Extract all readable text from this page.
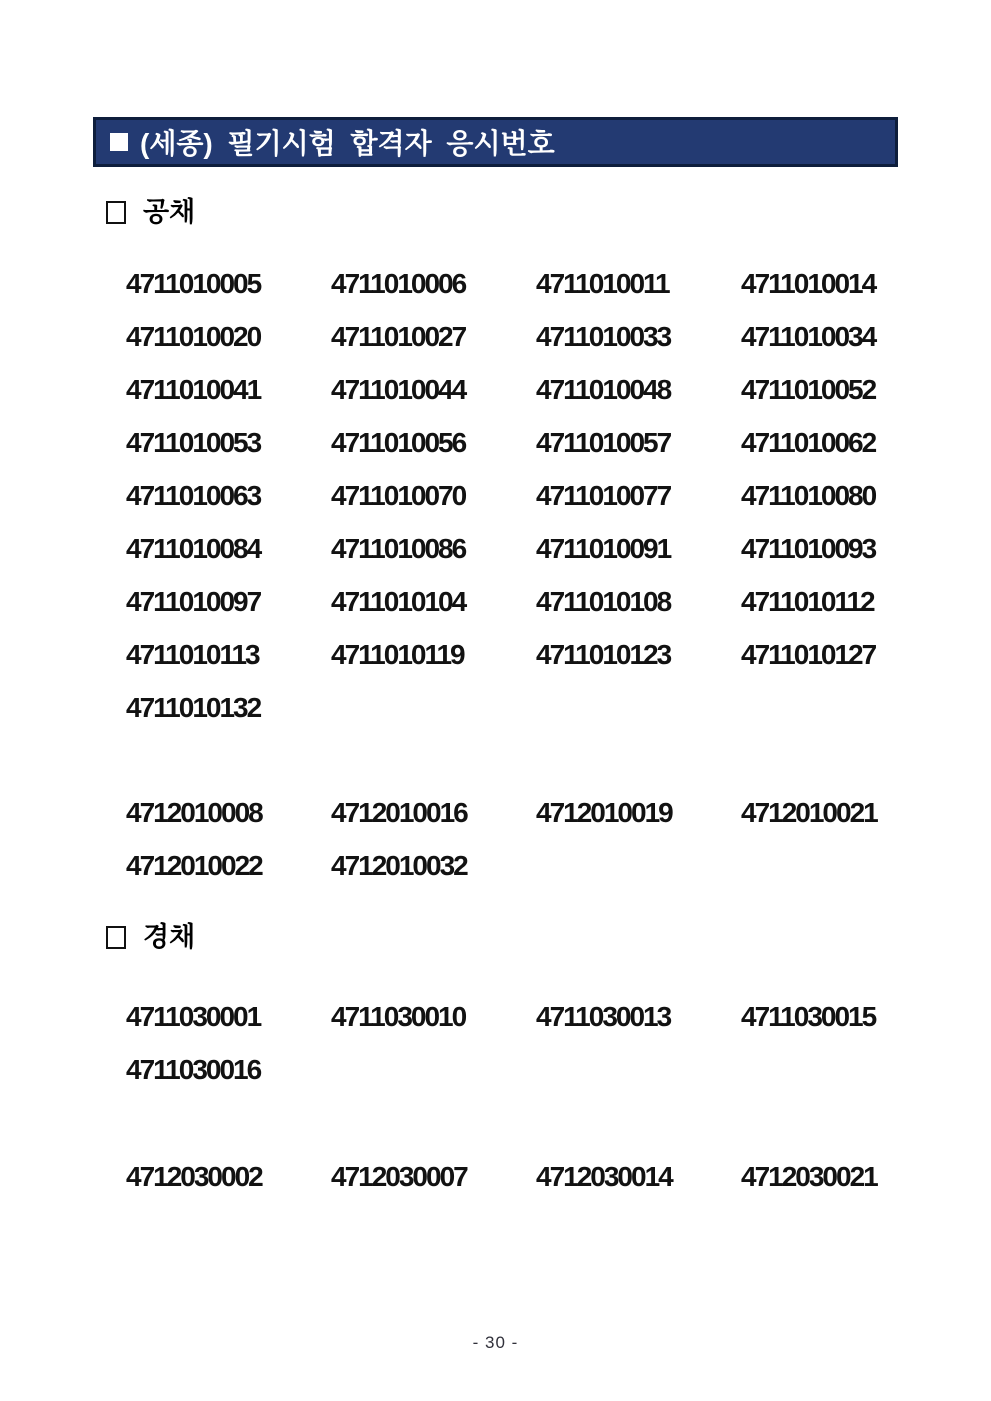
(세종) 필기시험 합격자 응시번호
공채
4711010005	4711010006	4711010011	4711010014
4711010020	4711010027	4711010033	4711010034
4711010041	4711010044	4711010048	4711010052
4711010053	4711010056	4711010057	4711010062
4711010063	4711010070	4711010077	4711010080
4711010084	4711010086	4711010091	4711010093
4711010097	4711010104	4711010108	4711010112
4711010113	4711010119	4711010123	4711010127
4711010132
4712010008	4712010016	4712010019	4712010021
4712010022	4712010032
경채
4711030001	4711030010	4711030013	4711030015
4711030016
4712030002	4712030007	4712030014	4712030021
- 30 -
